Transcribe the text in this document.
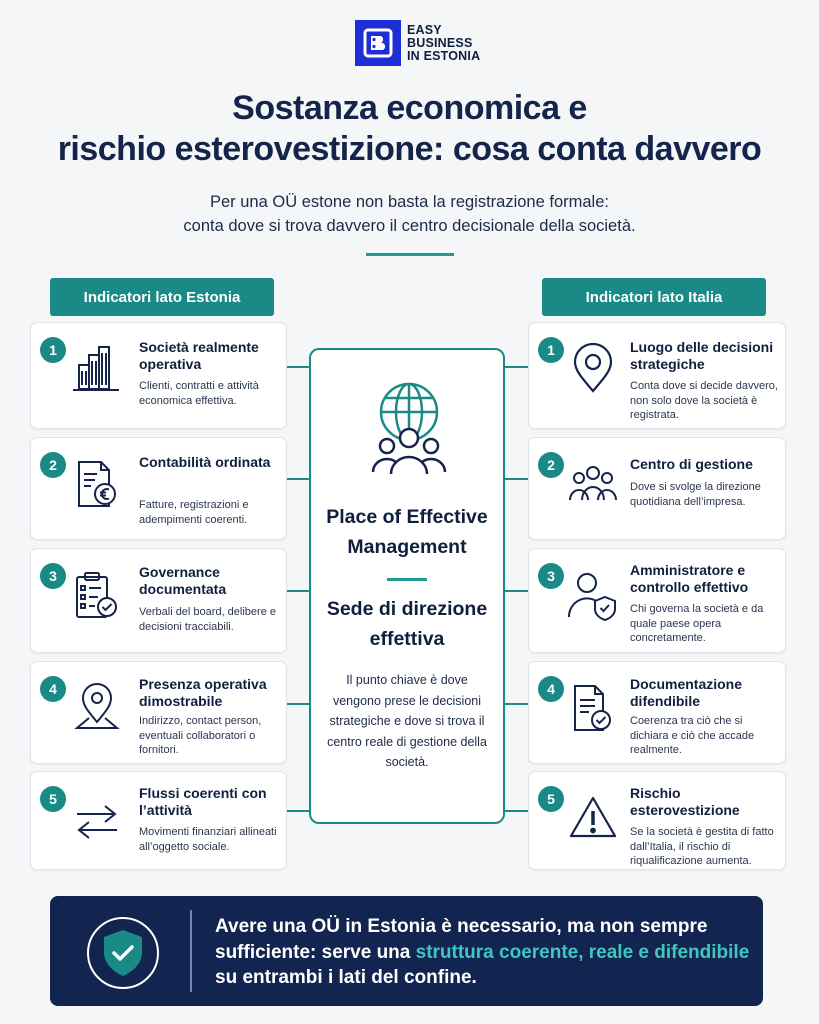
EASY
BUSINESS
IN ESTONIA
Sostanza economica e
rischio esterovestizione: cosa conta davvero
Per una OÜ estone non basta la registrazione formale:
conta dove si trova davvero il centro decisionale della società.
Indicatori lato Estonia	Indicatori lato Italia
1	Società realmente operativa
Clienti, contratti e attività economica effettiva.
2	Contabilità ordinata
Fatture, registrazioni e adempimenti coerenti.
3	Governance documentata
Verbali del board, delibere e decisioni tracciabili.
4	Presenza operativa dimostrabile
Indirizzo, contact person, eventuali collaboratori o fornitori.
5	Flussi coerenti con l’attività
Movimenti finanziari allineati all’oggetto sociale.
Place of Effective Management
Sede di direzione effettiva
Il punto chiave è dove vengono prese le decisioni strategiche e dove si trova il centro reale di gestione della società.
1	Luogo delle decisioni strategiche
Conta dove si decide davvero, non solo dove la società è registrata.
2	Centro di gestione
Dove si svolge la direzione quotidiana dell’impresa.
3	Amministratore e controllo effettivo
Chi governa la società e da quale paese opera concretamente.
4	Documentazione difendibile
Coerenza tra ciò che si dichiara e ciò che accade realmente.
5	Rischio esterovestizione
Se la società è gestita di fatto dall’Italia, il rischio di riqualificazione aumenta.
Avere una OÜ in Estonia è necessario, ma non sempre sufficiente: serve una struttura coerente, reale e difendibile su entrambi i lati del confine.
